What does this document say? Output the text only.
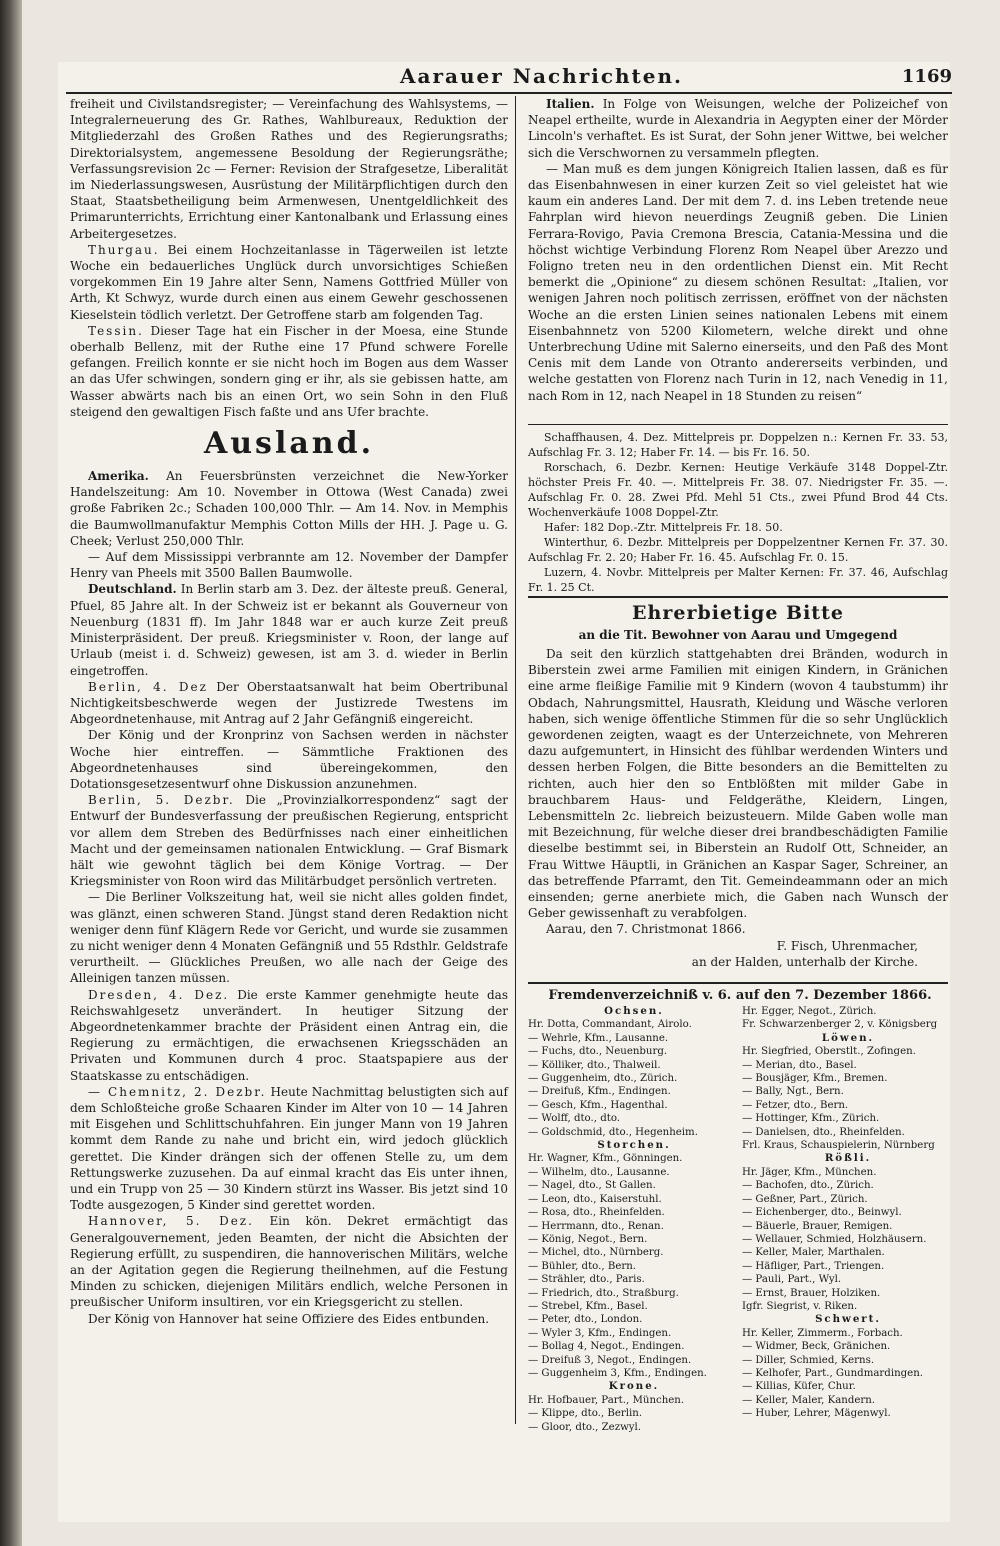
Aarauer Nachrichten.	1169

freiheit und Civilstandsregister; — Vereinfachung des Wahlsystems, — Integralerneuerung des Gr. Rathes, Wahlbureaux, Reduktion der Mitgliederzahl des Großen Rathes und des Regierungsraths; Direktorialsystem, angemessene Besoldung der Regierungsräthe; Verfassungsrevision 2c — Ferner: Revision der Strafgesetze, Liberalität im Niederlassungswesen, Ausrüstung der Militärpflichtigen durch den Staat, Staatsbetheiligung beim Armenwesen, Unentgeldlichkeit des Primarunterrichts, Errichtung einer Kantonalbank und Erlassung eines Arbeitergesetzes.

Thurgau. Bei einem Hochzeitanlasse in Tägerweilen ist letzte Woche ein bedauerliches Unglück durch unvorsichtiges Schießen vorgekommen Ein 19 Jahre alter Senn, Namens Gottfried Müller von Arth, Kt Schwyz, wurde durch einen aus einem Gewehr geschossenen Kieselstein tödlich verletzt. Der Getroffene starb am folgenden Tag.

Tessin. Dieser Tage hat ein Fischer in der Moesa, eine Stunde oberhalb Bellenz, mit der Ruthe eine 17 Pfund schwere Forelle gefangen. Freilich konnte er sie nicht hoch im Bogen aus dem Wasser an das Ufer schwingen, sondern ging er ihr, als sie gebissen hatte, am Wasser abwärts nach bis an einen Ort, wo sein Sohn in den Fluß steigend den gewaltigen Fisch faßte und ans Ufer brachte.

Ausland.

Amerika. An Feuersbrünsten verzeichnet die New-Yorker Handelszeitung: Am 10. November in Ottowa (West Canada) zwei große Fabriken 2c.; Schaden 100,000 Thlr. — Am 14. Nov. in Memphis die Baumwollmanufaktur Memphis Cotton Mills der HH. J. Page u. G. Cheek; Verlust 250,000 Thlr.

— Auf dem Mississippi verbrannte am 12. November der Dampfer Henry van Pheels mit 3500 Ballen Baumwolle.

Deutschland. In Berlin starb am 3. Dez. der älteste preuß. General, Pfuel, 85 Jahre alt. In der Schweiz ist er bekannt als Gouverneur von Neuenburg (1831 ff). Im Jahr 1848 war er auch kurze Zeit preuß Ministerpräsident. Der preuß. Kriegsminister v. Roon, der lange auf Urlaub (meist i. d. Schweiz) gewesen, ist am 3. d. wieder in Berlin eingetroffen.

Berlin, 4. Dez Der Oberstaatsanwalt hat beim Obertribunal Nichtigkeitsbeschwerde wegen der Justizrede Twestens im Abgeordnetenhause, mit Antrag auf 2 Jahr Gefängniß eingereicht.

Der König und der Kronprinz von Sachsen werden in nächster Woche hier eintreffen. — Sämmtliche Fraktionen des Abgeordnetenhauses sind übereingekommen, den Dotationsgesetzesentwurf ohne Diskussion anzunehmen.

Berlin, 5. Dezbr. Die „Provinzialkorrespondenz“ sagt der Entwurf der Bundesverfassung der preußischen Regierung, entspricht vor allem dem Streben des Bedürfnisses nach einer einheitlichen Macht und der gemeinsamen nationalen Entwicklung. — Graf Bismark hält wie gewohnt täglich bei dem Könige Vortrag. — Der Kriegsminister von Roon wird das Militärbudget persönlich vertreten.

— Die Berliner Volkszeitung hat, weil sie nicht alles golden findet, was glänzt, einen schweren Stand. Jüngst stand deren Redaktion nicht weniger denn fünf Klägern Rede vor Gericht, und wurde sie zusammen zu nicht weniger denn 4 Monaten Gefängniß und 55 Rdsthlr. Geldstrafe verurtheilt. — Glückliches Preußen, wo alle nach der Geige des Alleinigen tanzen müssen.

Dresden, 4. Dez. Die erste Kammer genehmigte heute das Reichswahlgesetz unverändert. In heutiger Sitzung der Abgeordnetenkammer brachte der Präsident einen Antrag ein, die Regierung zu ermächtigen, die erwachsenen Kriegsschäden an Privaten und Kommunen durch 4 proc. Staatspapiere aus der Staatskasse zu entschädigen.

— Chemnitz, 2. Dezbr. Heute Nachmittag belustigten sich auf dem Schloßteiche große Schaaren Kinder im Alter von 10 — 14 Jahren mit Eisgehen und Schlittschuhfahren. Ein junger Mann von 19 Jahren kommt dem Rande zu nahe und bricht ein, wird jedoch glücklich gerettet. Die Kinder drängen sich der offenen Stelle zu, um dem Rettungswerke zuzusehen. Da auf einmal kracht das Eis unter ihnen, und ein Trupp von 25 — 30 Kindern stürzt ins Wasser. Bis jetzt sind 10 Todte ausgezogen, 5 Kinder sind gerettet worden.

Hannover, 5. Dez. Ein kön. Dekret ermächtigt das Generalgouvernement, jeden Beamten, der nicht die Absichten der Regierung erfüllt, zu suspendiren, die hannoverischen Militärs, welche an der Agitation gegen die Regierung theilnehmen, auf die Festung Minden zu schicken, diejenigen Militärs endlich, welche Personen in preußischer Uniform insultiren, vor ein Kriegsgericht zu stellen.

Der König von Hannover hat seine Offiziere des Eides entbunden.

Italien. In Folge von Weisungen, welche der Polizeichef von Neapel ertheilte, wurde in Alexandria in Aegypten einer der Mörder Lincoln's verhaftet. Es ist Surat, der Sohn jener Wittwe, bei welcher sich die Verschwornen zu versammeln pflegten.

— Man muß es dem jungen Königreich Italien lassen, daß es für das Eisenbahnwesen in einer kurzen Zeit so viel geleistet hat wie kaum ein anderes Land. Der mit dem 7. d. ins Leben tretende neue Fahrplan wird hievon neuerdings Zeugniß geben. Die Linien Ferrara-Rovigo, Pavia Cremona Brescia, Catania-Messina und die höchst wichtige Verbindung Florenz Rom Neapel über Arezzo und Foligno treten neu in den ordentlichen Dienst ein. Mit Recht bemerkt die „Opinione“ zu diesem schönen Resultat: „Italien, vor wenigen Jahren noch politisch zerrissen, eröffnet von der nächsten Woche an die ersten Linien seines nationalen Lebens mit einem Eisenbahnnetz von 5200 Kilometern, welche direkt und ohne Unterbrechung Udine mit Salerno einerseits, und den Paß des Mont Cenis mit dem Lande von Otranto andererseits verbinden, und welche gestatten von Florenz nach Turin in 12, nach Venedig in 11, nach Rom in 12, nach Neapel in 18 Stunden zu reisen“

Schaffhausen, 4. Dez. Mittelpreis pr. Doppelzen n.: Kernen Fr. 33. 53, Aufschlag Fr. 3. 12; Haber Fr. 14. — bis Fr. 16. 50.

Rorschach, 6. Dezbr. Kernen: Heutige Verkäufe 3148 Doppel-Ztr. höchster Preis Fr. 40. —. Mittelpreis Fr. 38. 07. Niedrigster Fr. 35. —. Aufschlag Fr. 0. 28. Zwei Pfd. Mehl 51 Cts., zwei Pfund Brod 44 Cts. Wochenverkäufe 1008 Doppel-Ztr.

Hafer: 182 Dop.-Ztr. Mittelpreis Fr. 18. 50.

Winterthur, 6. Dezbr. Mittelpreis per Doppelzentner Kernen Fr. 37. 30. Aufschlag Fr. 2. 20; Haber Fr. 16. 45. Aufschlag Fr. 0. 15.

Luzern, 4. Novbr. Mittelpreis per Malter Kernen: Fr. 37. 46, Aufschlag Fr. 1. 25 Ct.

Ehrerbietige Bitte
an die Tit. Bewohner von Aarau und Umgegend

Da seit den kürzlich stattgehabten drei Bränden, wodurch in Biberstein zwei arme Familien mit einigen Kindern, in Gränichen eine arme fleißige Familie mit 9 Kindern (wovon 4 taubstumm) ihr Obdach, Nahrungsmittel, Hausrath, Kleidung und Wäsche verloren haben, sich wenige öffentliche Stimmen für die so sehr Unglücklich gewordenen zeigten, waagt es der Unterzeichnete, von Mehreren dazu aufgemuntert, in Hinsicht des fühlbar werdenden Winters und dessen herben Folgen, die Bitte besonders an die Bemittelten zu richten, auch hier den so Entblößten mit milder Gabe in brauchbarem Haus- und Feldgeräthe, Kleidern, Lingen, Lebensmitteln 2c. liebreich beizusteuern. Milde Gaben wolle man mit Bezeichnung, für welche dieser drei brandbeschädigten Familie dieselbe bestimmt sei, in Biberstein an Rudolf Ott, Schneider, an Frau Wittwe Häuptli, in Gränichen an Kaspar Sager, Schreiner, an das betreffende Pfarramt, den Tit. Gemeindeammann oder an mich einsenden; gerne anerbiete mich, die Gaben nach Wunsch der Geber gewissenhaft zu verabfolgen.

Aarau, den 7. Christmonat 1866.

F. Fisch, Uhrenmacher,
an der Halden, unterhalb der Kirche.
Fremdenverzeichniß v. 6. auf den 7. Dezember 1866.
Ochsen.
Hr. Dotta, Commandant, Airolo.
— Wehrle, Kfm., Lausanne.
— Fuchs, dto., Neuenburg.
— Kölliker, dto., Thalweil.
— Guggenheim, dto., Zürich.
— Dreifuß, Kfm., Endingen.
— Gesch, Kfm., Hagenthal.
— Wolff, dto., dto.
— Goldschmid, dto., Hegenheim.
Storchen.
Hr. Wagner, Kfm., Gönningen.
— Wilhelm, dto., Lausanne.
— Nagel, dto., St Gallen.
— Leon, dto., Kaiserstuhl.
— Rosa, dto., Rheinfelden.
— Herrmann, dto., Renan.
— König, Negot., Bern.
— Michel, dto., Nürnberg.
— Bühler, dto., Bern.
— Strähler, dto., Paris.
— Friedrich, dto., Straßburg.
— Strebel, Kfm., Basel.
— Peter, dto., London.
— Wyler 3, Kfm., Endingen.
— Bollag 4, Negot., Endingen.
— Dreifuß 3, Negot., Endingen.
— Guggenheim 3, Kfm., Endingen.
Krone.
Hr. Hofbauer, Part., München.
— Klippe, dto., Berlin.
— Gloor, dto., Zezwyl.
Hr. Egger, Negot., Zürich.
Fr. Schwarzenberger 2, v. Königsberg
Löwen.
Hr. Siegfried, Oberstlt., Zofingen.
— Merian, dto., Basel.
— Bousjäger, Kfm., Bremen.
— Bally, Ngt., Bern.
— Fetzer, dto., Bern.
— Hottinger, Kfm., Zürich.
— Danielsen, dto., Rheinfelden.
Frl. Kraus, Schauspielerin, Nürnberg
Rößli.
Hr. Jäger, Kfm., München.
— Bachofen, dto., Zürich.
— Geßner, Part., Zürich.
— Eichenberger, dto., Beinwyl.
— Bäuerle, Brauer, Remigen.
— Wellauer, Schmied, Holzhäusern.
— Keller, Maler, Marthalen.
— Häfliger, Part., Triengen.
— Pauli, Part., Wyl.
— Ernst, Brauer, Holziken.
Igfr. Siegrist, v. Riken.
Schwert.
Hr. Keller, Zimmerm., Forbach.
— Widmer, Beck, Gränichen.
— Diller, Schmied, Kerns.
— Kelhofer, Part., Gundmardingen.
— Killias, Küfer, Chur.
— Keller, Maler, Kandern.
— Huber, Lehrer, Mägenwyl.
